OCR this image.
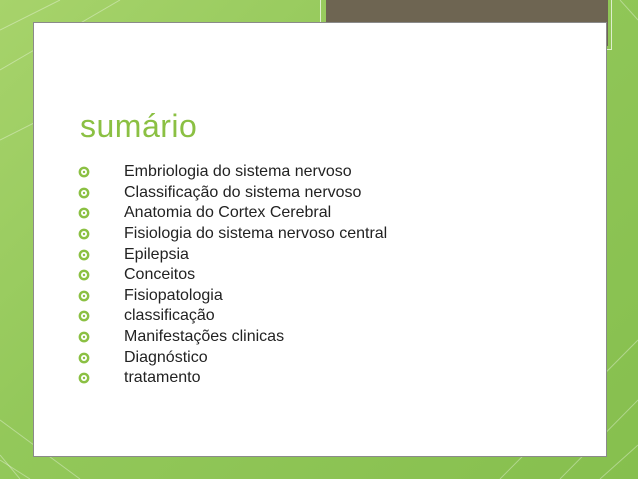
sumário
Embriologia do sistema nervoso
Classificação do sistema nervoso
Anatomia do Cortex Cerebral
Fisiologia do sistema nervoso central
Epilepsia
Conceitos
Fisiopatologia
classificação
Manifestações clinicas
Diagnóstico
tratamento
